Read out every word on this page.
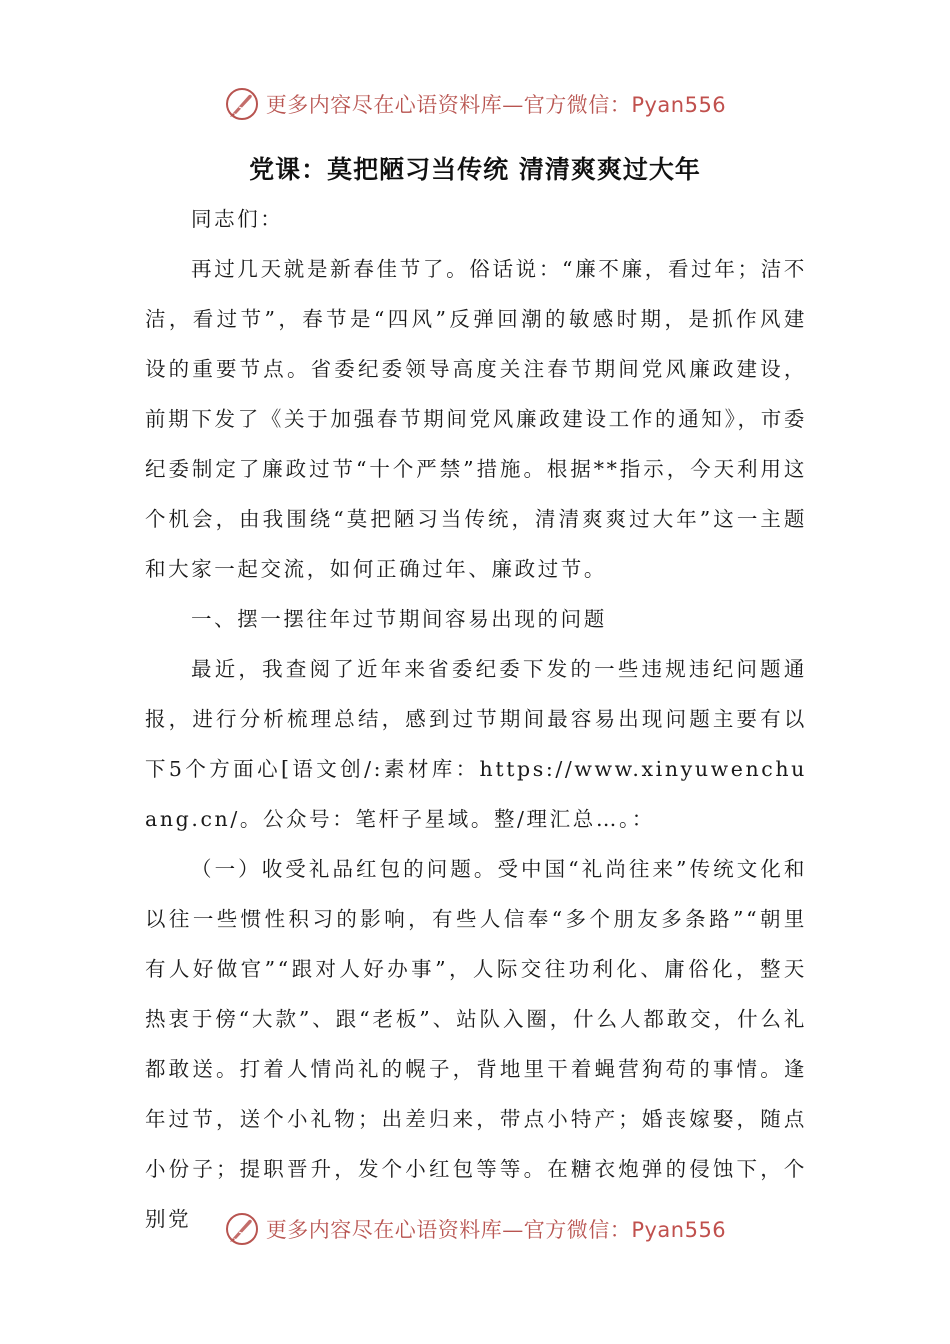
更多内容尽在心语资料库—官方微信：Pyan556
党课：莫把陋习当传统 清清爽爽过大年

同志们：

再过几天就是新春佳节了。俗话说：“廉不廉，看过年；洁不洁，看过节”，春节是“四风”反弹回潮的敏感时期，是抓作风建设的重要节点。省委纪委领导高度关注春节期间党风廉政建设，前期下发了《关于加强春节期间党风廉政建设工作的通知》，市委纪委制定了廉政过节“十个严禁”措施。根据**指示，今天利用这个机会，由我围绕“莫把陋习当传统，清清爽爽过大年”这一主题和大家一起交流，如何正确过年、廉政过节。

一、摆一摆往年过节期间容易出现的问题

最近，我查阅了近年来省委纪委下发的一些违规违纪问题通报，进行分析梳理总结，感到过节期间最容易出现问题主要有以下5个方面心[语文创/:素材库：https://www.xinyuwenchuang.cn/。公众号：笔杆子星域。整/理汇总…。：

（一）收受礼品红包的问题。受中国“礼尚往来”传统文化和以往一些惯性积习的影响，有些人信奉“多个朋友多条路”“朝里有人好做官”“跟对人好办事”，人际交往功利化、庸俗化，整天热衷于傍“大款”、跟“老板”、站队入圈，什么人都敢交，什么礼都敢送。打着人情尚礼的幌子，背地里干着蝇营狗苟的事情。逢年过节，送个小礼物；出差归来，带点小特产；婚丧嫁娶，随点小份子；提职晋升，发个小红包等等。在糖衣炮弹的侵蚀下，个别党	更多内容尽在心语资料库—官方微信：Pyan556
